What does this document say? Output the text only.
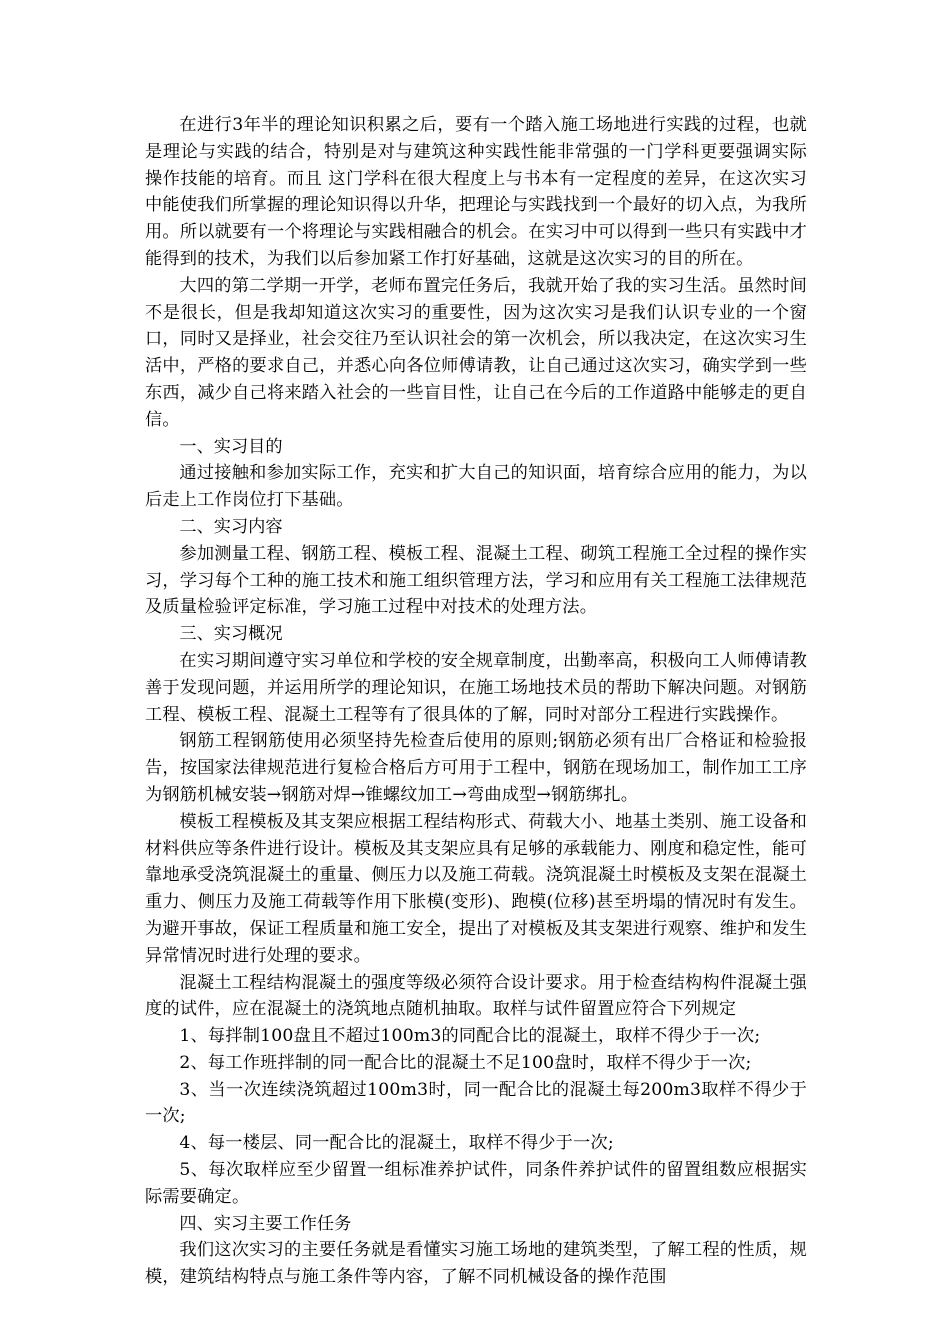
在进行3年半的理论知识积累之后，要有一个踏入施工场地进行实践的过程，也就是理论与实践的结合，特别是对与建筑这种实践性能非常强的一门学科更要强调实际 操作技能的培育。而且 这门学科在很大程度上与书本有一定程度的差异，在这次实习中能使我们所掌握的理论知识得以升华，把理论与实践找到一个最好的切入点，为我所用。所以就要有一个将理论与实践相融合的机会。在实习中可以得到一些只有实践中才能得到的技术，为我们以后参加紧工作打好基础，这就是这次实习的目的所在。

大四的第二学期一开学，老师布置完任务后，我就开始了我的实习生活。虽然时间不是很长，但是我却知道这次实习的重要性，因为这次实习是我们认识专业的一个窗口，同时又是择业，社会交往乃至认识社会的第一次机会，所以我决定，在这次实习生活中，严格的要求自己，并悉心向各位师傅请教，让自己通过这次实习，确实学到一些东西，减少自己将来踏入社会的一些盲目性，让自己在今后的工作道路中能够走的更自信。

一、实习目的

通过接触和参加实际工作，充实和扩大自己的知识面，培育综合应用的能力，为以后走上工作岗位打下基础。

二、实习内容

参加测量工程、钢筋工程、模板工程、混凝土工程、砌筑工程施工全过程的操作实习，学习每个工种的施工技术和施工组织管理方法，学习和应用有关工程施工法律规范及质量检验评定标准，学习施工过程中对技术的处理方法。

三、实习概况

在实习期间遵守实习单位和学校的安全规章制度，出勤率高，积极向工人师傅请教善于发现问题，并运用所学的理论知识，在施工场地技术员的帮助下解决问题。对钢筋工程、模板工程、混凝土工程等有了很具体的了解，同时对部分工程进行实践操作。

钢筋工程钢筋使用必须坚持先检查后使用的原则;钢筋必须有出厂合格证和检验报告，按国家法律规范进行复检合格后方可用于工程中，钢筋在现场加工，制作加工工序为钢筋机械安装→钢筋对焊→锥螺纹加工→弯曲成型→钢筋绑扎。

模板工程模板及其支架应根据工程结构形式、荷载大小、地基土类别、施工设备和材料供应等条件进行设计。模板及其支架应具有足够的承载能力、刚度和稳定性，能可靠地承受浇筑混凝土的重量、侧压力以及施工荷载。浇筑混凝土时模板及支架在混凝土重力、侧压力及施工荷载等作用下胀模(变形)、跑模(位移)甚至坍塌的情况时有发生。为避开事故，保证工程质量和施工安全，提出了对模板及其支架进行观察、维护和发生异常情况时进行处理的要求。

混凝土工程结构混凝土的强度等级必须符合设计要求。用于检查结构构件混凝土强度的试件，应在混凝土的浇筑地点随机抽取。取样与试件留置应符合下列规定

1、每拌制100盘且不超过100m3的同配合比的混凝土，取样不得少于一次;

2、每工作班拌制的同一配合比的混凝土不足100盘时，取样不得少于一次;

3、当一次连续浇筑超过100m3时，同一配合比的混凝土每200m3取样不得少于一次;

4、每一楼层、同一配合比的混凝土，取样不得少于一次;

5、每次取样应至少留置一组标准养护试件，同条件养护试件的留置组数应根据实际需要确定。

四、实习主要工作任务

我们这次实习的主要任务就是看懂实习施工场地的建筑类型，了解工程的性质，规模，建筑结构特点与施工条件等内容，了解不同机械设备的操作范围
